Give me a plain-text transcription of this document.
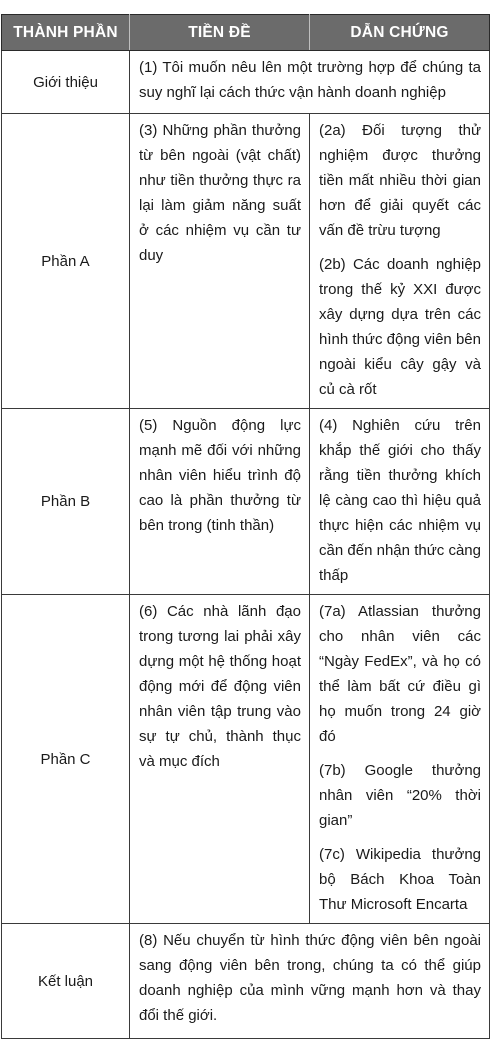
THÀNH PHẦN	TIỀN ĐỀ	DẪN CHỨNG
Giới thiệu	(1) Tôi muốn nêu lên một trường hợp để chúng ta suy nghĩ lại cách thức vận hành doanh nghiệp	
Phần A	(3) Những phần thưởng từ bên ngoài (vật chất) như tiền thưởng thực ra lại làm giảm năng suất ở các nhiệm vụ cần tư duy	(2a) Đối tượng thử nghiệm được thưởng tiền mất nhiều thời gian hơn để giải quyết các vấn đề trừu tượng
(2b) Các doanh nghiệp trong thế kỷ XXI được xây dựng dựa trên các hình thức động viên bên ngoài kiểu cây gậy và củ cà rốt

Phần B	(5) Nguồn động lực mạnh mẽ đối với những nhân viên hiểu trình độ cao là phần thưởng từ bên trong (tinh thần)	(4) Nghiên cứu trên khắp thế giới cho thấy rằng tiền thưởng khích lệ càng cao thì hiệu quả thực hiện các nhiệm vụ cần đến nhận thức càng thấp

Phần C	(6) Các nhà lãnh đạo trong tương lai phải xây dựng một hệ thống hoạt động mới để động viên nhân viên tập trung vào sự tự chủ, thành thục và mục đích	(7a) Atlassian thưởng cho nhân viên các “Ngày FedEx”, và họ có thể làm bất cứ điều gì họ muốn trong 24 giờ đó
(7b) Google thưởng nhân viên “20% thời gian”
(7c) Wikipedia thưởng bộ Bách Khoa Toàn Thư Microsoft Encarta

Kết luận	(8) Nếu chuyển từ hình thức động viên bên ngoài sang động viên bên trong, chúng ta có thể giúp doanh nghiệp của mình vững mạnh hơn và thay đổi thế giới.	
